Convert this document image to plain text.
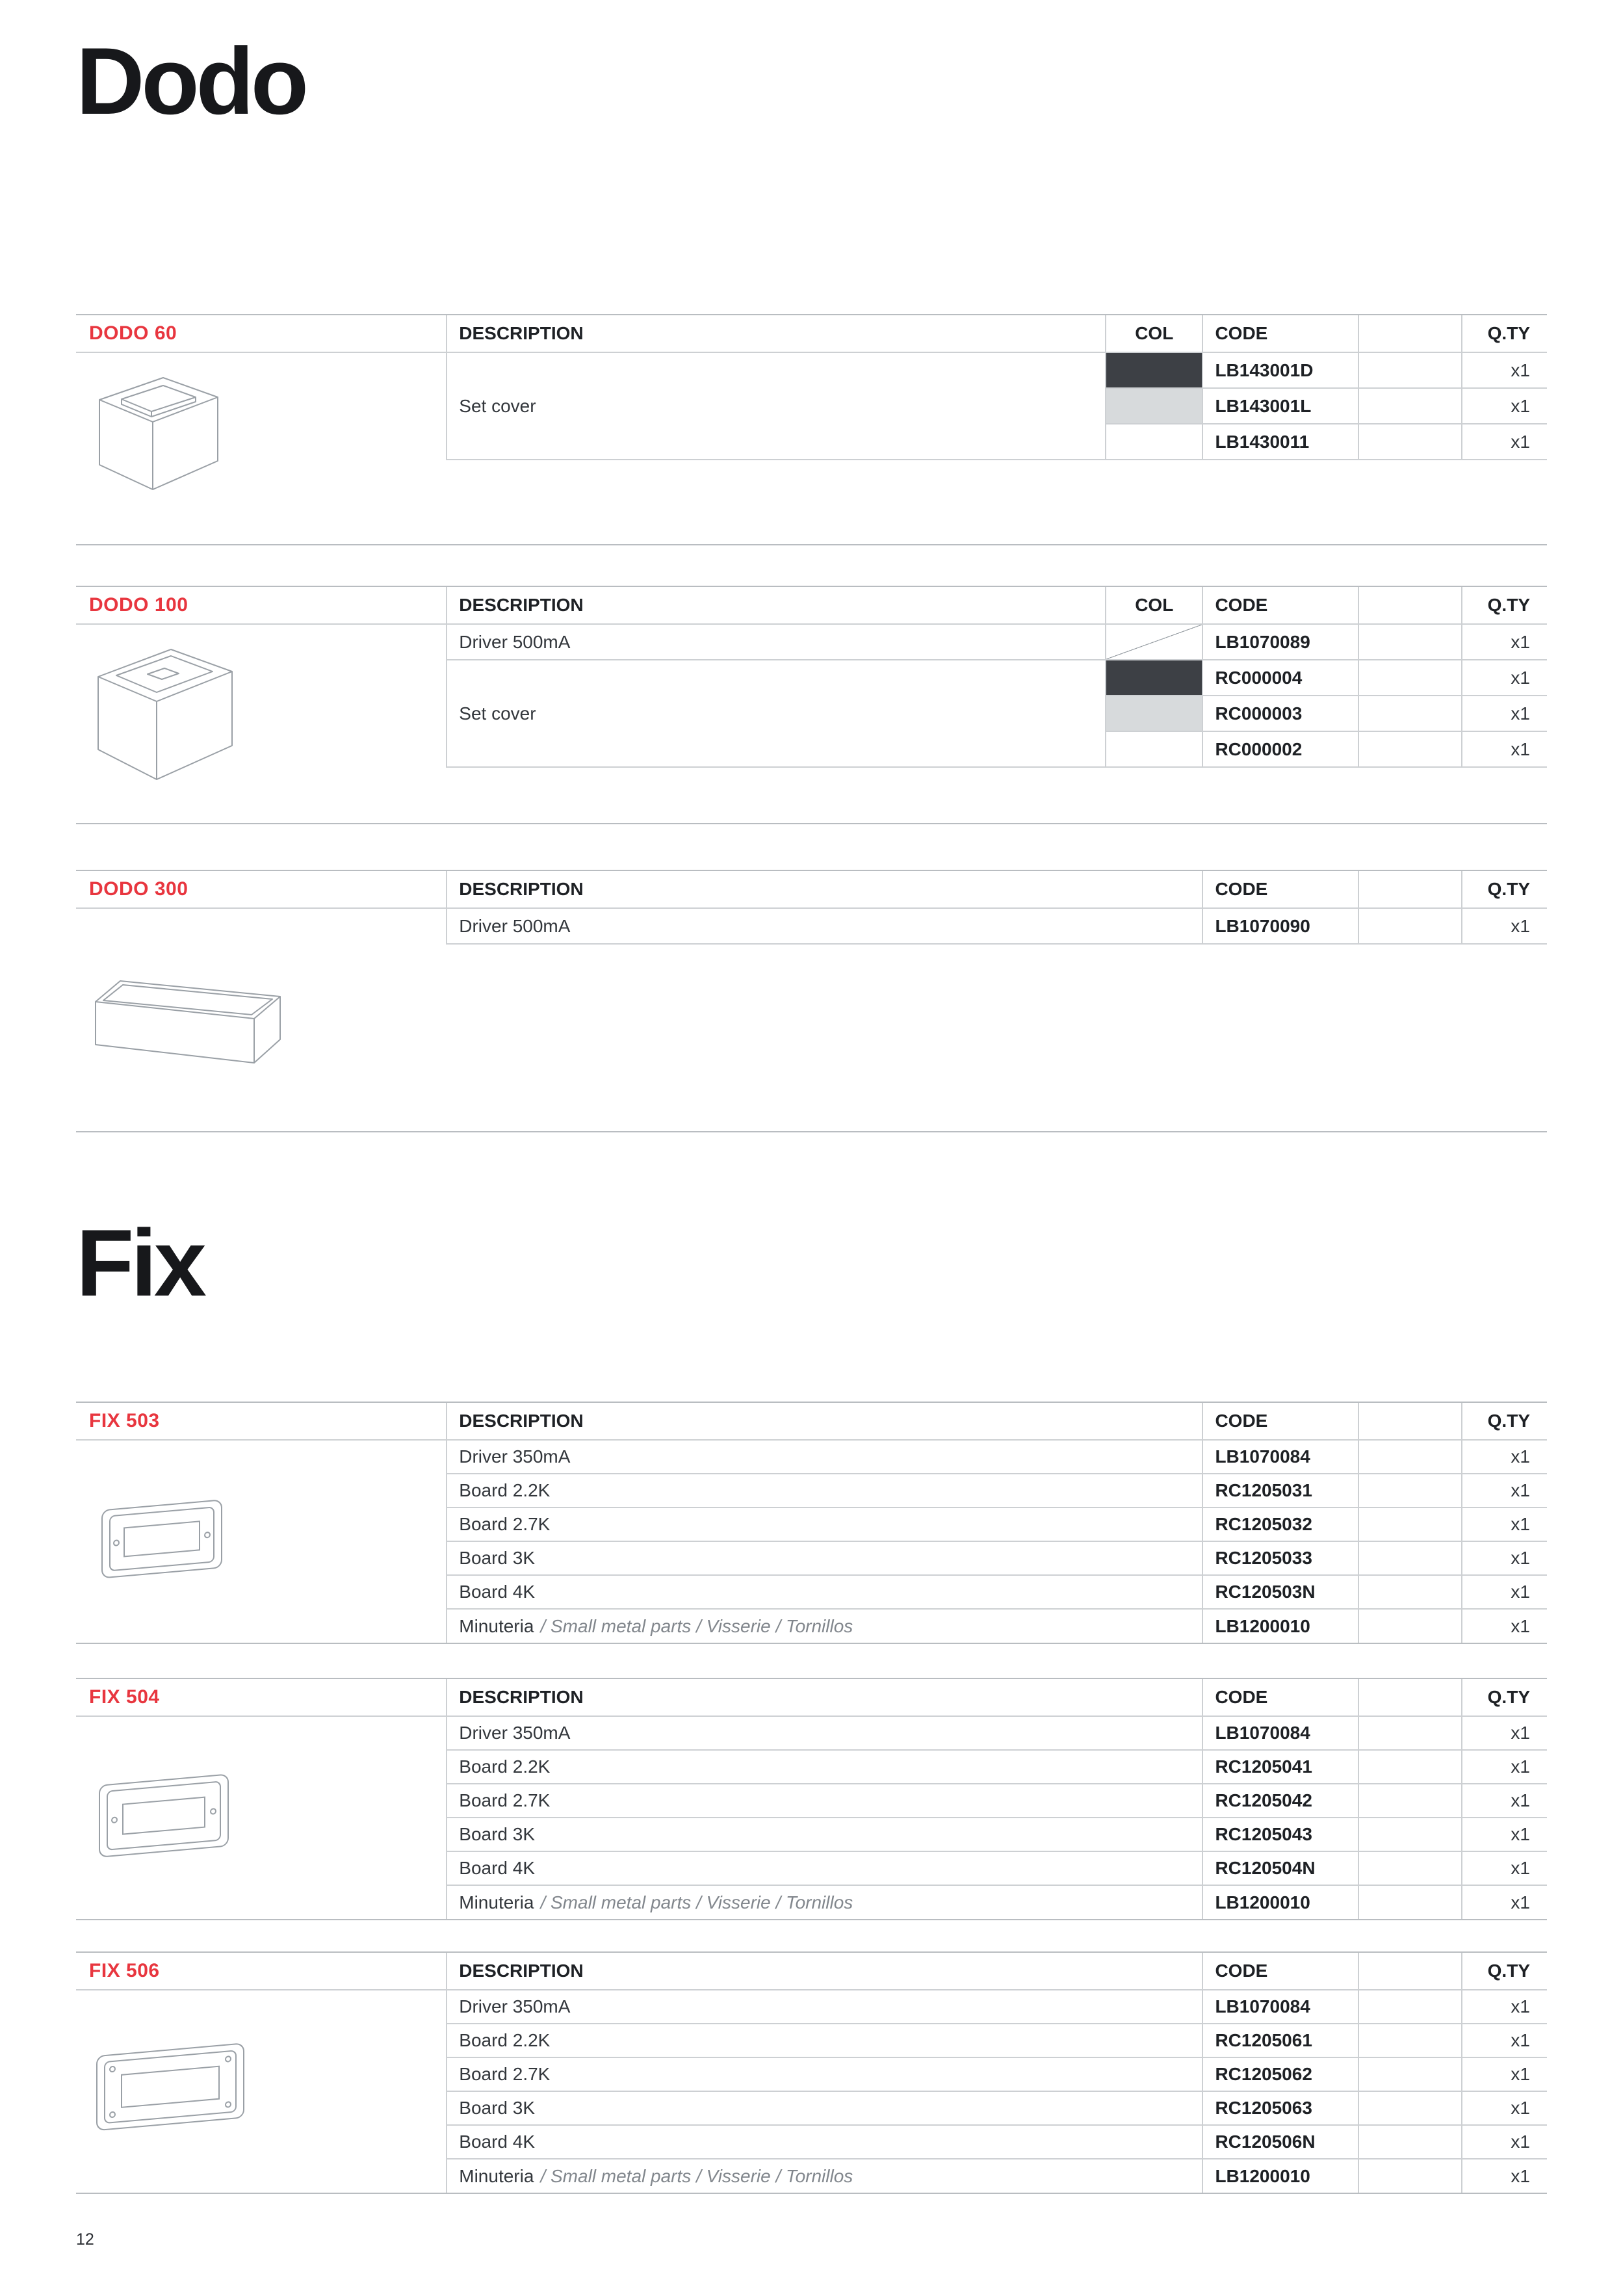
Dodo
DODO 60	DESCRIPTION	COL	CODE		Q.TY

	Set cover		LB143001D		x1
			LB143001L		x1
			LB1430011		x1

DODO 100	DESCRIPTION	COL	CODE		Q.TY

	Driver 500mA		LB1070089		x1
	Set cover		RC000004		x1
			RC000003		x1
			RC000002		x1

DODO 300	DESCRIPTION	CODE		Q.TY

	Driver 500mA	LB1070090		x1

Fix
FIX 503	DESCRIPTION	CODE		Q.TY

	Driver 350mA	LB1070084		x1
	Board 2.2K	RC1205031		x1
	Board 2.7K	RC1205032		x1
	Board 3K	RC1205033		x1
	Board 4K	RC120503N		x1
	Minuteria / Small metal parts / Visserie / Tornillos	LB1200010		x1
FIX 504	DESCRIPTION	CODE		Q.TY

	Driver 350mA	LB1070084		x1
	Board 2.2K	RC1205041		x1
	Board 2.7K	RC1205042		x1
	Board 3K	RC1205043		x1
	Board 4K	RC120504N		x1
	Minuteria / Small metal parts / Visserie / Tornillos	LB1200010		x1
FIX 506	DESCRIPTION	CODE		Q.TY

	Driver 350mA	LB1070084		x1
	Board 2.2K	RC1205061		x1
	Board 2.7K	RC1205062		x1
	Board 3K	RC1205063		x1
	Board 4K	RC120506N		x1
	Minuteria / Small metal parts / Visserie / Tornillos	LB1200010		x1
12
